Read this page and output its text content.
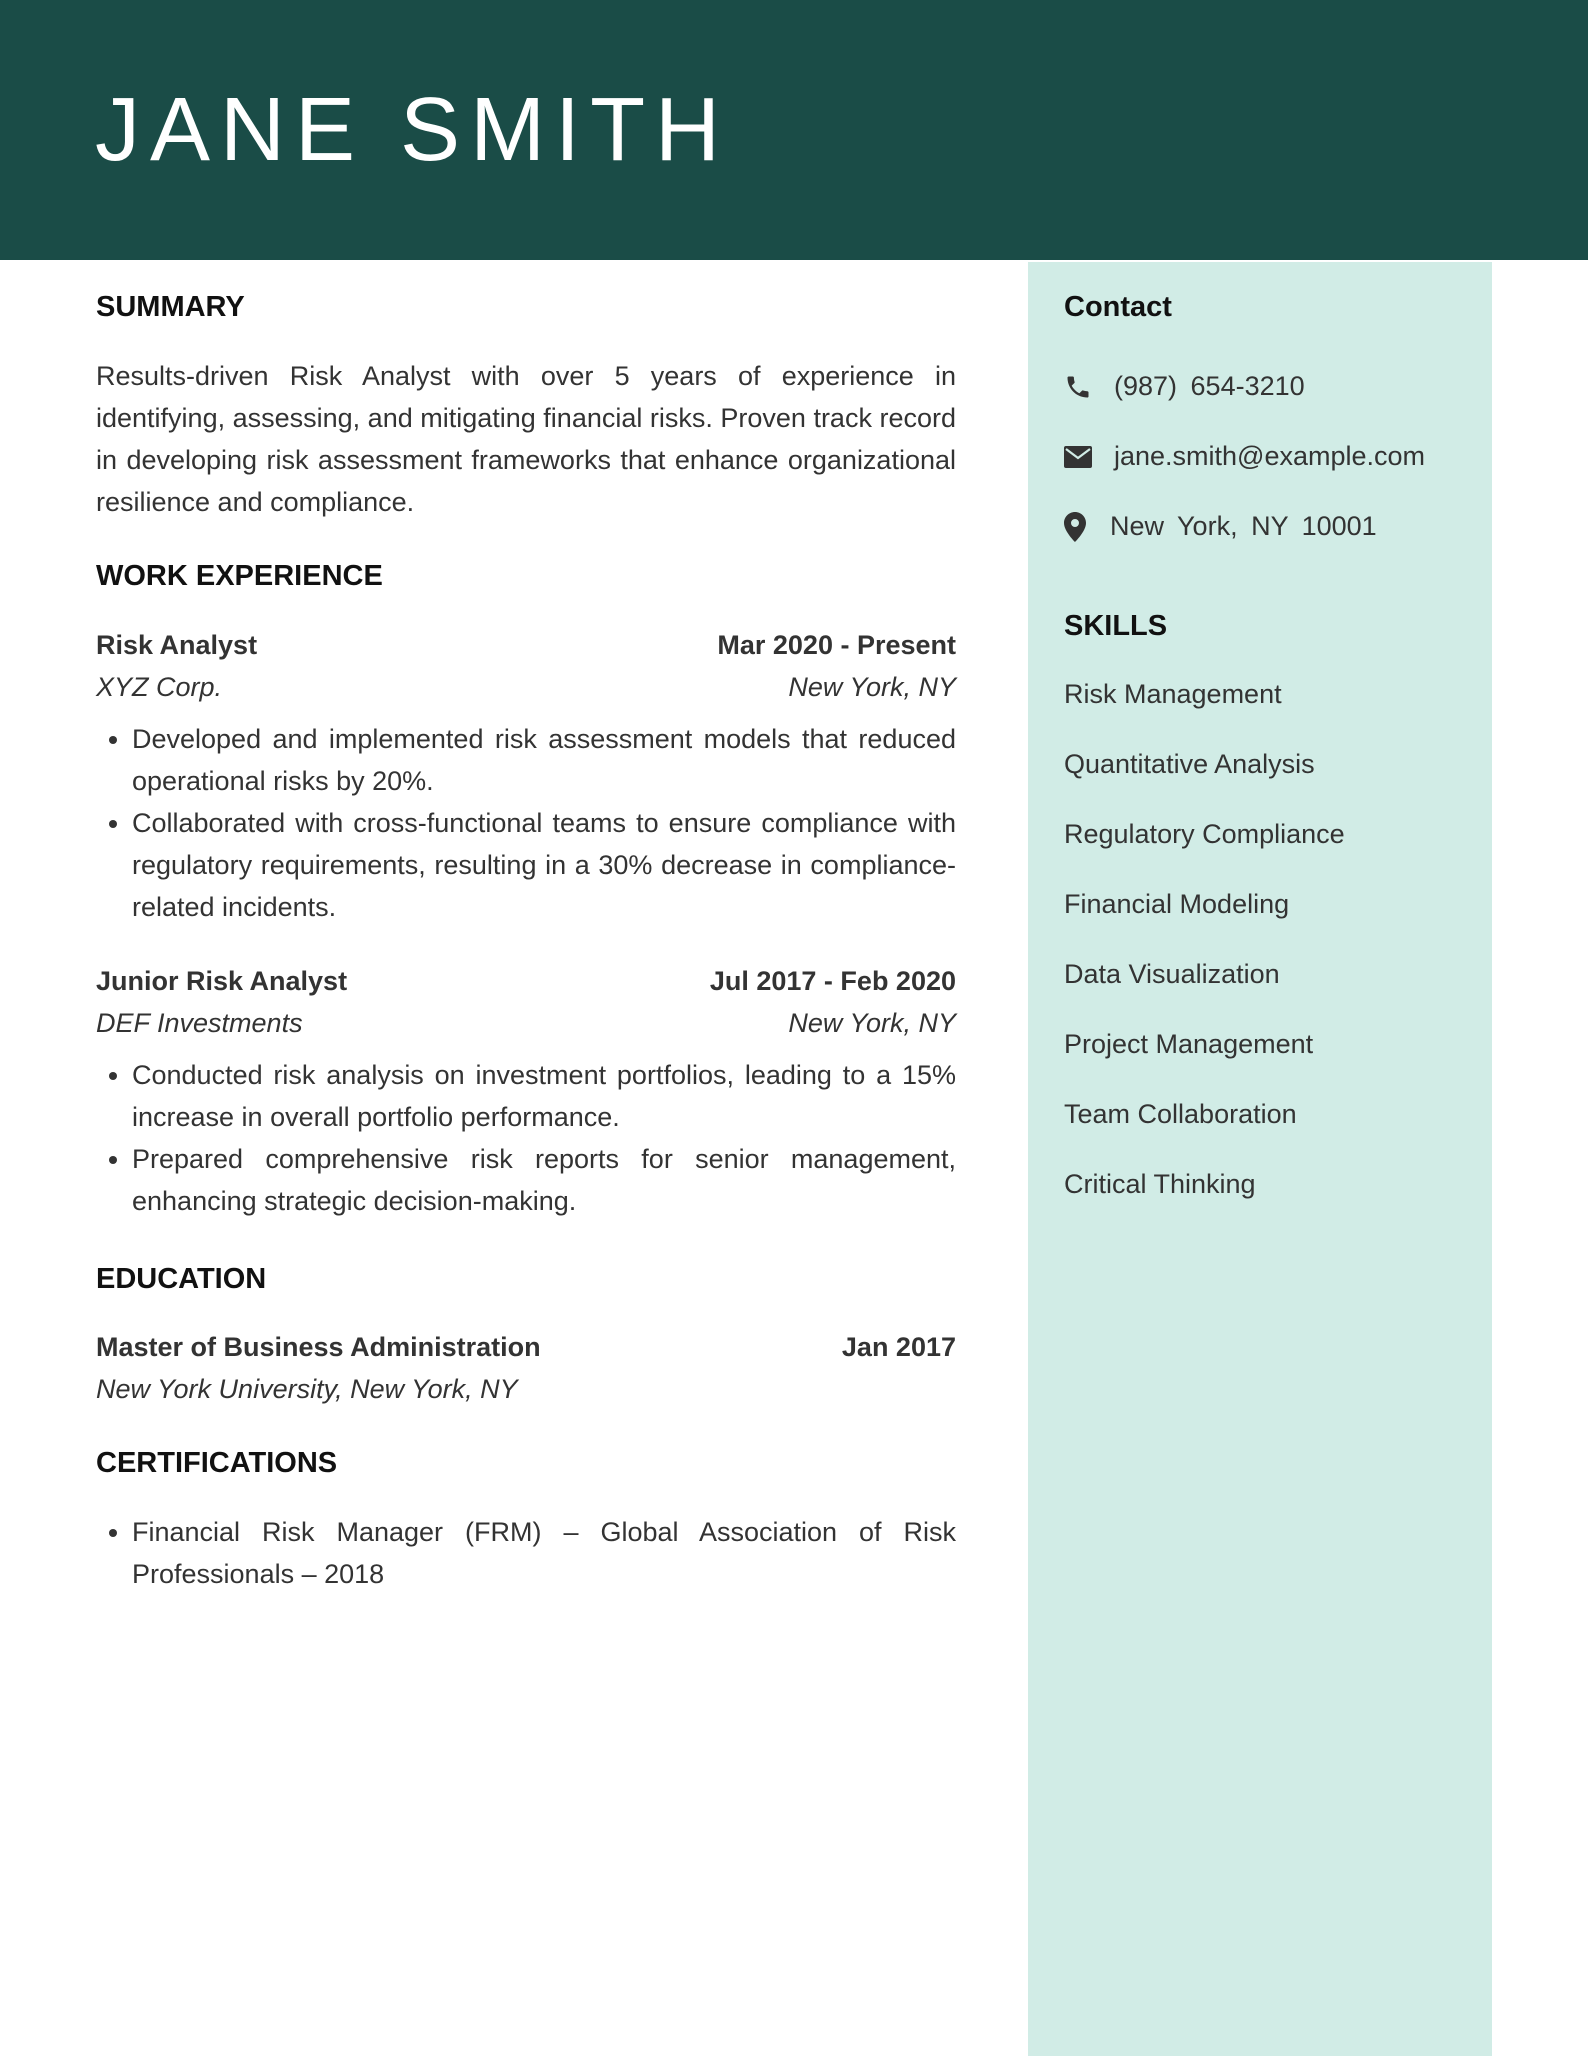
JANE SMITH
Contact
(987) 654-3210
jane.smith@example.com
New York, NY 10001
SKILLS
Risk Management
Quantitative Analysis
Regulatory Compliance
Financial Modeling
Data Visualization
Project Management
Team Collaboration
Critical Thinking
SUMMARY

Results-driven Risk Analyst with over 5 years of experience in identifying, assessing, and mitigating financial risks. Proven track record in developing risk assessment frameworks that enhance organizational resilience and compliance.

WORK EXPERIENCE
Risk Analyst	Mar 2020 - Present
XYZ Corp.	New York, NY
• Developed and implemented risk assessment models that reduced operational risks by 20%.
• Collaborated with cross-functional teams to ensure compliance with regulatory requirements, resulting in a 30% decrease in compliance-related incidents.
Junior Risk Analyst	Jul 2017 - Feb 2020
DEF Investments	New York, NY
• Conducted risk analysis on investment portfolios, leading to a 15% increase in overall portfolio performance.
• Prepared comprehensive risk reports for senior management, enhancing strategic decision-making.
EDUCATION
Master of Business Administration	Jan 2017
New York University, New York, NY
CERTIFICATIONS
• Financial Risk Manager (FRM) – Global Association of Risk Professionals – 2018
